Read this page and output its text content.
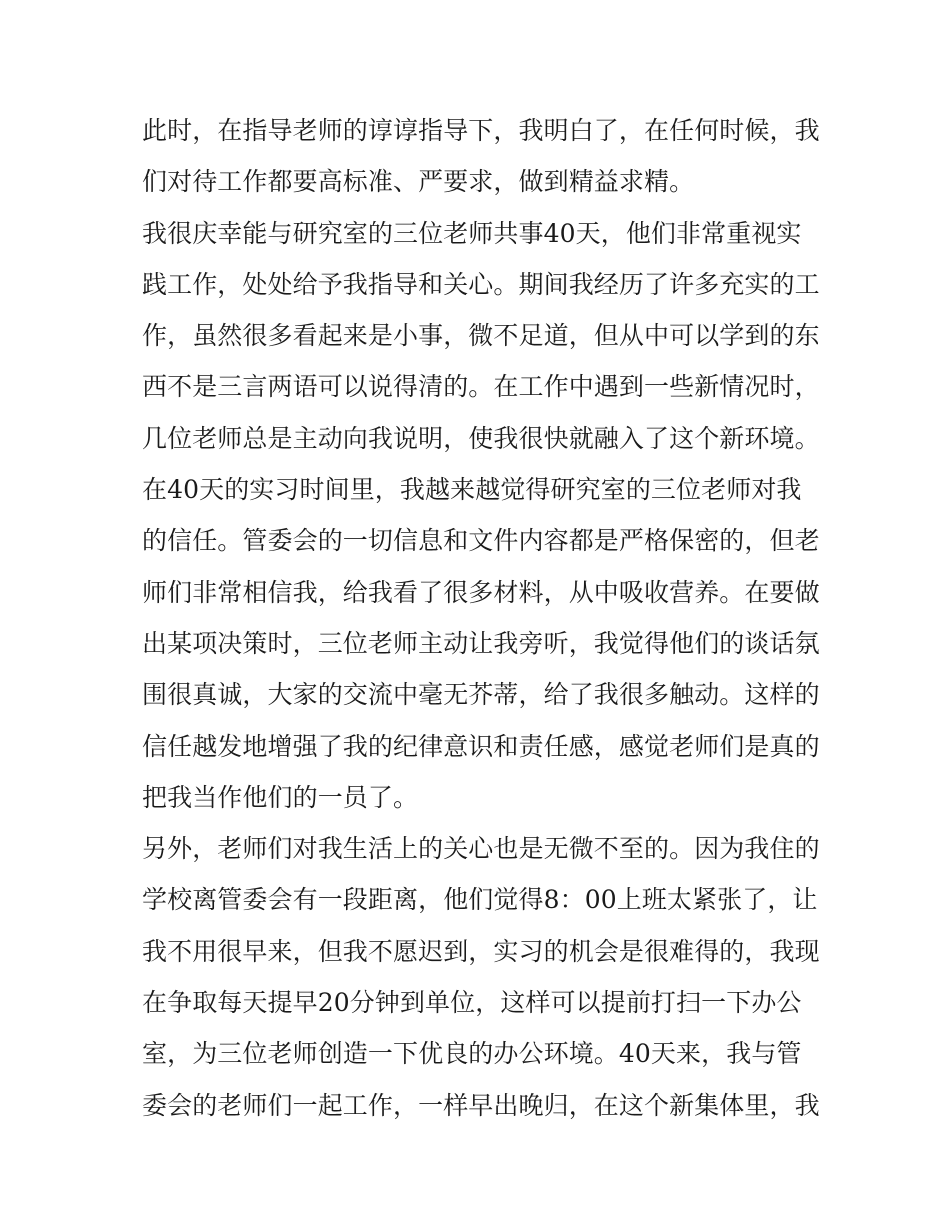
此时，在指导老师的谆谆指导下，我明白了，在任何时候，我
们对待工作都要高标准、严要求，做到精益求精。
我很庆幸能与研究室的三位老师共事40天，他们非常重视实
践工作，处处给予我指导和关心。期间我经历了许多充实的工
作，虽然很多看起来是小事，微不足道，但从中可以学到的东
西不是三言两语可以说得清的。在工作中遇到一些新情况时，
几位老师总是主动向我说明，使我很快就融入了这个新环境。
在40天的实习时间里，我越来越觉得研究室的三位老师对我
的信任。管委会的一切信息和文件内容都是严格保密的，但老
师们非常相信我，给我看了很多材料，从中吸收营养。在要做
出某项决策时，三位老师主动让我旁听，我觉得他们的谈话氛
围很真诚，大家的交流中毫无芥蒂，给了我很多触动。这样的
信任越发地增强了我的纪律意识和责任感，感觉老师们是真的
把我当作他们的一员了。
另外，老师们对我生活上的关心也是无微不至的。因为我住的
学校离管委会有一段距离，他们觉得8：00上班太紧张了，让
我不用很早来，但我不愿迟到，实习的机会是很难得的，我现
在争取每天提早20分钟到单位，这样可以提前打扫一下办公
室，为三位老师创造一下优良的办公环境。40天来，我与管
委会的老师们一起工作，一样早出晚归，在这个新集体里，我
